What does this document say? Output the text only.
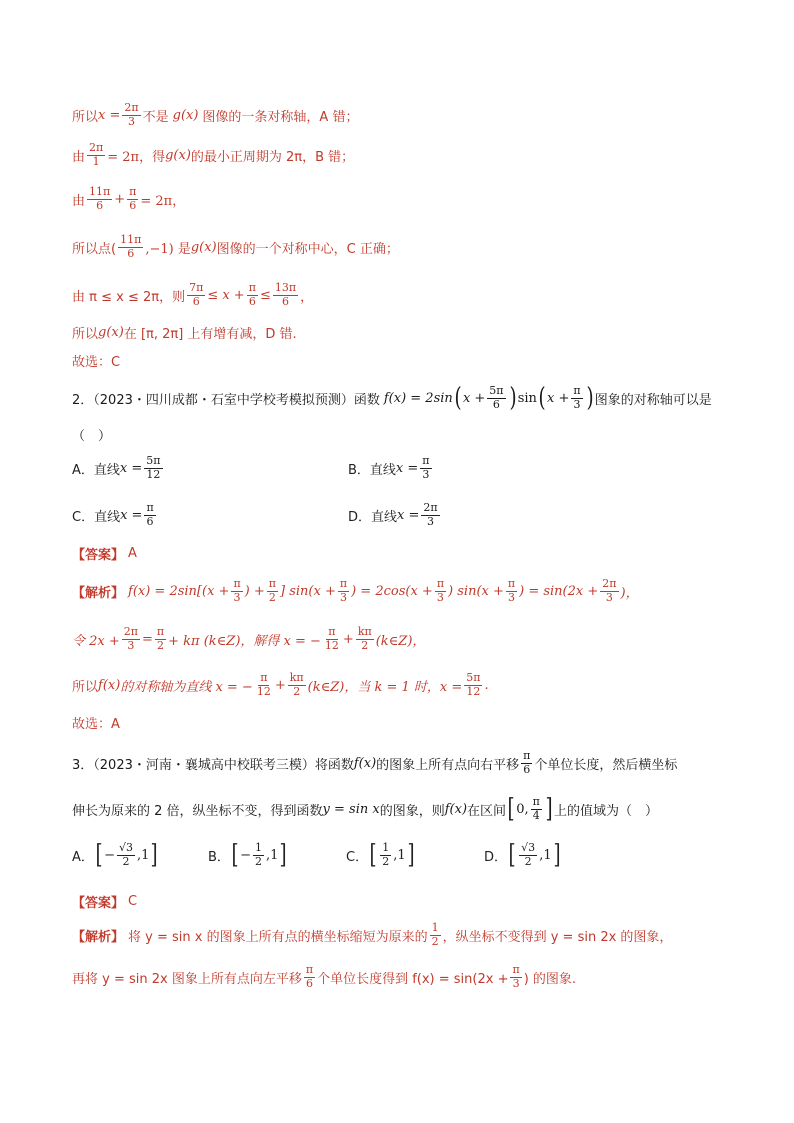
所以 $x = \frac{2\pi}{3}$ 不是 g(x) 图像的一条对称轴，A 错；
由 $\frac{2\pi}{1} = 2\pi$，得 g(x) 的最小正周期为 2π，B 错；
由 $\frac{11\pi}{6} + \frac{\pi}{6} = 2\pi$，
所以点( $\frac{11\pi}{6} ,-1$) 是 g(x) 图像的一个对称中心，C 正确；
由 π ≤ x ≤ 2π，则 $\frac{7\pi}{6} \le x + \frac{\pi}{6} \le \frac{13\pi}{6}$ ，
所以 g(x) 在 [π, 2π] 上有增有减，D 错.
故选：C
2．（2023・四川成都・石室中学校考模拟预测）函数 f(x) = 2sin ( $x + \frac{5\pi}{6}$ ) sin ( $x + \frac{\pi}{3}$ ) 图象的对称轴可以是
（　）
A．直线 $x = \frac{5\pi}{12}$	B．直线 $x = \frac{\pi}{3}$
C．直线 $x = \frac{\pi}{6}$	D．直线 $x = \frac{2\pi}{3}$
【答案】 A
【解析】 $f(x) = 2\sin[(x + \frac{\pi}{3}$ ) + $\frac{\pi}{2}$ ] $\sin(x + \frac{\pi}{3}$ ) = $2\cos(x + \frac{\pi}{3}$ ) $\sin(x + \frac{\pi}{3}$ ) = $\sin(2x + \frac{2\pi}{3}$ )，
令 $2x + \frac{2\pi}{3} = \frac{\pi}{2} + k\pi$ (k∈Z)，解得 x = − $\frac{\pi}{12} + \frac{k\pi}{2}$ (k∈Z)，
所以 f(x) 的对称轴为直线 x = − $\frac{\pi}{12} + \frac{k\pi}{2}$ (k∈Z)，当 k = 1 时，$x = \frac{5\pi}{12}$ .
故选：A
3．（2023・河南・襄城高中校联考三模）将函数 f(x) 的图象上所有点向右平移 $\frac{\pi}{6}$ 个单位长度，然后横坐标
伸长为原来的 2 倍，纵坐标不变，得到函数 y = sin x 的图象，则 f(x) 在区间 [ 0, $\frac{\pi}{4}$ ] 上的值域为（　）
A． [ − $\frac{√3}{2} ,1$ ]	B． [ − $\frac{1}{2} ,1$ ]	C． [ $\frac{1}{2} ,1$ ]	D． [ $\frac{√3}{2} ,1$ ]
【答案】 C
【解析】 将 y = sin x 的图象上所有点的横坐标缩短为原来的 $\frac{1}{2}$ ，纵坐标不变得到 y = sin 2x 的图象，
再将 y = sin 2x 图象上所有点向左平移 $\frac{\pi}{6}$ 个单位长度得到 $f(x) = \sin(2x + \frac{\pi}{3}$ ) 的图象.
